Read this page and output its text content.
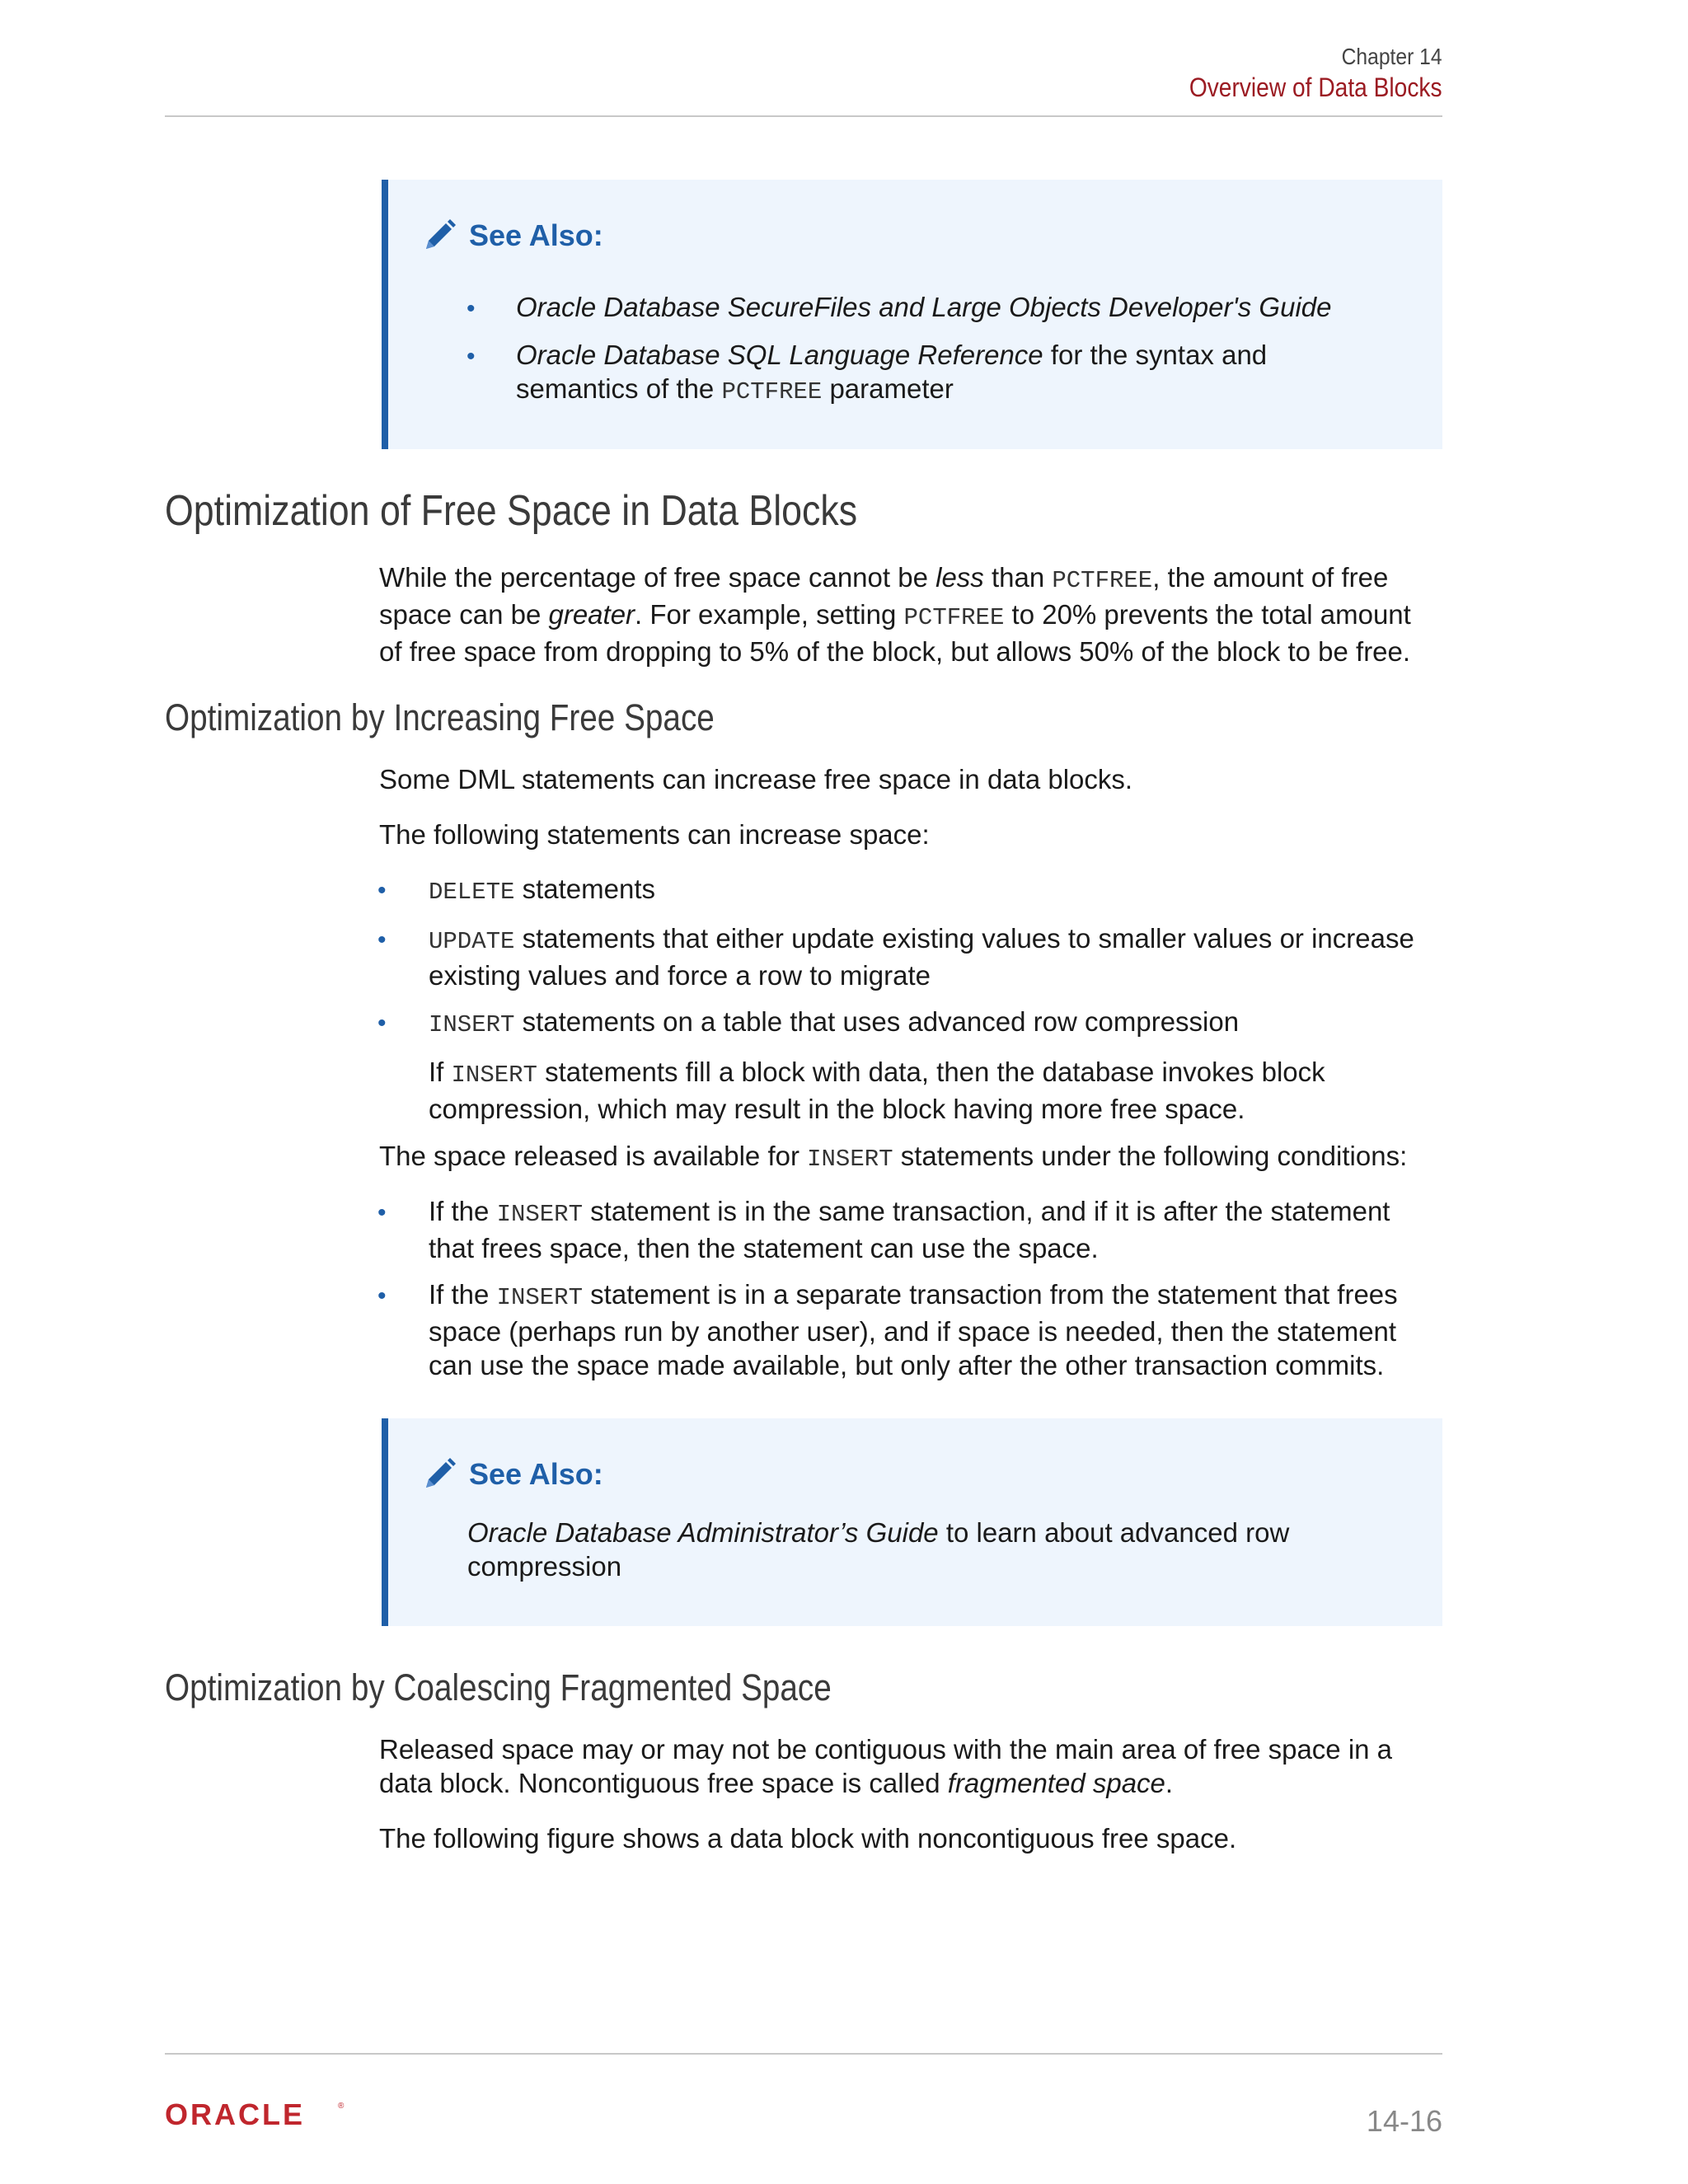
Chapter 14
Overview of Data Blocks
See Also:
• Oracle Database SecureFiles and Large Objects Developer's Guide
• Oracle Database SQL Language Reference for the syntax and
semantics of the PCTFREE parameter
Optimization of Free Space in Data Blocks
While the percentage of free space cannot be less than PCTFREE, the amount of free
space can be greater. For example, setting PCTFREE to 20% prevents the total amount
of free space from dropping to 5% of the block, but allows 50% of the block to be free.
Optimization by Increasing Free Space
Some DML statements can increase free space in data blocks.
The following statements can increase space:
• DELETE statements
• UPDATE statements that either update existing values to smaller values or increase
existing values and force a row to migrate
• INSERT statements on a table that uses advanced row compression
If INSERT statements fill a block with data, then the database invokes block
compression, which may result in the block having more free space.
The space released is available for INSERT statements under the following conditions:
• If the INSERT statement is in the same transaction, and if it is after the statement
that frees space, then the statement can use the space.
• If the INSERT statement is in a separate transaction from the statement that frees
space (perhaps run by another user), and if space is needed, then the statement
can use the space made available, but only after the other transaction commits.
See Also:
Oracle Database Administrator’s Guide to learn about advanced row
compression
Optimization by Coalescing Fragmented Space
Released space may or may not be contiguous with the main area of free space in a
data block. Noncontiguous free space is called fragmented space.
The following figure shows a data block with noncontiguous free space.
ORACLE	®	14-16
